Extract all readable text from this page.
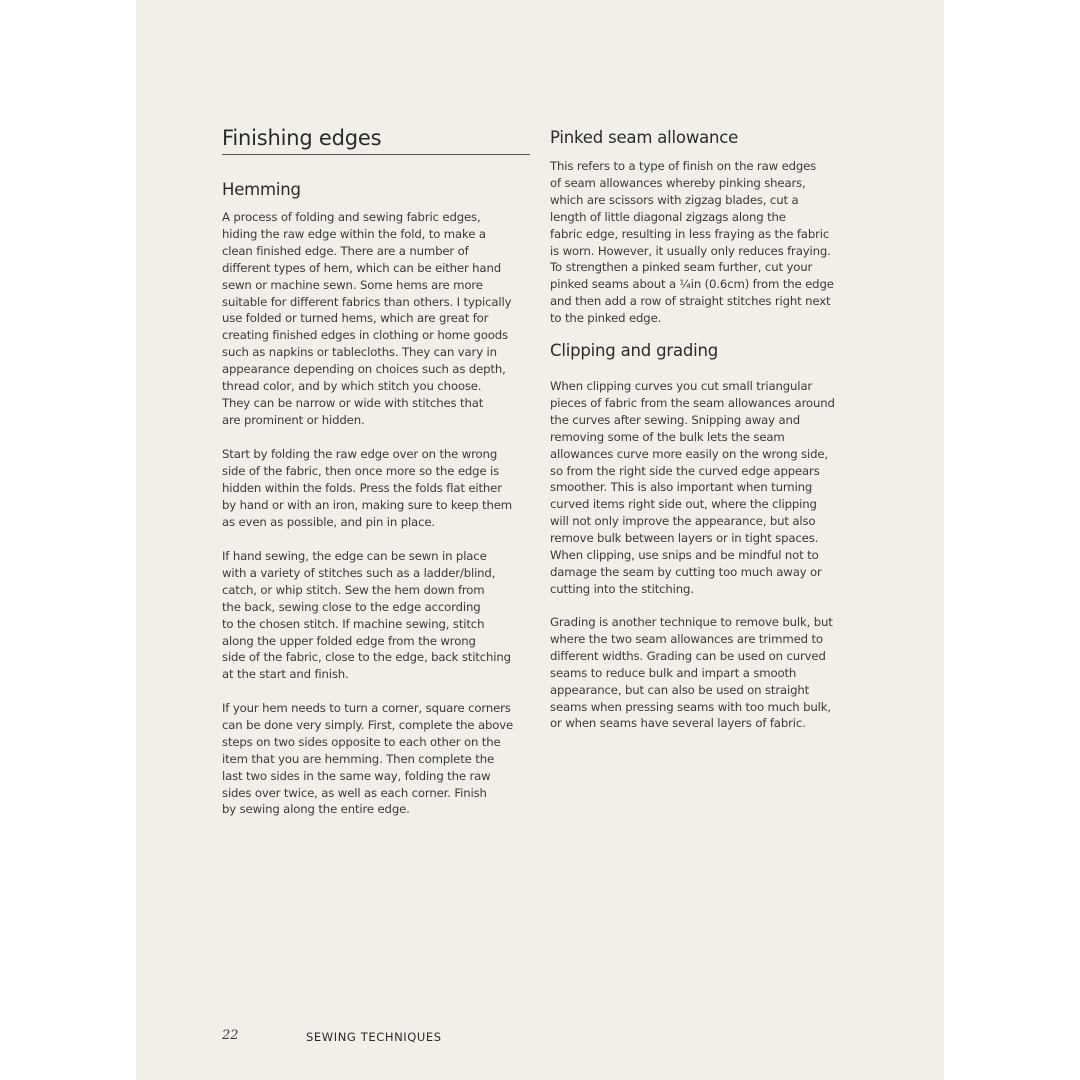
Finishing edges
Hemming

A process of folding and sewing fabric edges,
hiding the raw edge within the fold, to make a
clean finished edge. There are a number of
different types of hem, which can be either hand
sewn or machine sewn. Some hems are more
suitable for different fabrics than others. I typically
use folded or turned hems, which are great for
creating finished edges in clothing or home goods
such as napkins or tablecloths. They can vary in
appearance depending on choices such as depth,
thread color, and by which stitch you choose.
They can be narrow or wide with stitches that
are prominent or hidden.

Start by folding the raw edge over on the wrong
side of the fabric, then once more so the edge is
hidden within the folds. Press the folds flat either
by hand or with an iron, making sure to keep them
as even as possible, and pin in place.

If hand sewing, the edge can be sewn in place
with a variety of stitches such as a ladder/blind,
catch, or whip stitch. Sew the hem down from
the back, sewing close to the edge according
to the chosen stitch. If machine sewing, stitch
along the upper folded edge from the wrong
side of the fabric, close to the edge, back stitching
at the start and finish.

If your hem needs to turn a corner, square corners
can be done very simply. First, complete the above
steps on two sides opposite to each other on the
item that you are hemming. Then complete the
last two sides in the same way, folding the raw
sides over twice, as well as each corner. Finish
by sewing along the entire edge.

Pinked seam allowance

This refers to a type of finish on the raw edges
of seam allowances whereby pinking shears,
which are scissors with zigzag blades, cut a
length of little diagonal zigzags along the
fabric edge, resulting in less fraying as the fabric
is worn. However, it usually only reduces fraying.
To strengthen a pinked seam further, cut your
pinked seams about a ¼in (0.6cm) from the edge
and then add a row of straight stitches right next
to the pinked edge.

Clipping and grading

When clipping curves you cut small triangular
pieces of fabric from the seam allowances around
the curves after sewing. Snipping away and
removing some of the bulk lets the seam
allowances curve more easily on the wrong side,
so from the right side the curved edge appears
smoother. This is also important when turning
curved items right side out, where the clipping
will not only improve the appearance, but also
remove bulk between layers or in tight spaces.
When clipping, use snips and be mindful not to
damage the seam by cutting too much away or
cutting into the stitching.

Grading is another technique to remove bulk, but
where the two seam allowances are trimmed to
different widths. Grading can be used on curved
seams to reduce bulk and impart a smooth
appearance, but can also be used on straight
seams when pressing seams with too much bulk,
or when seams have several layers of fabric.

22	SEWING TECHNIQUES
